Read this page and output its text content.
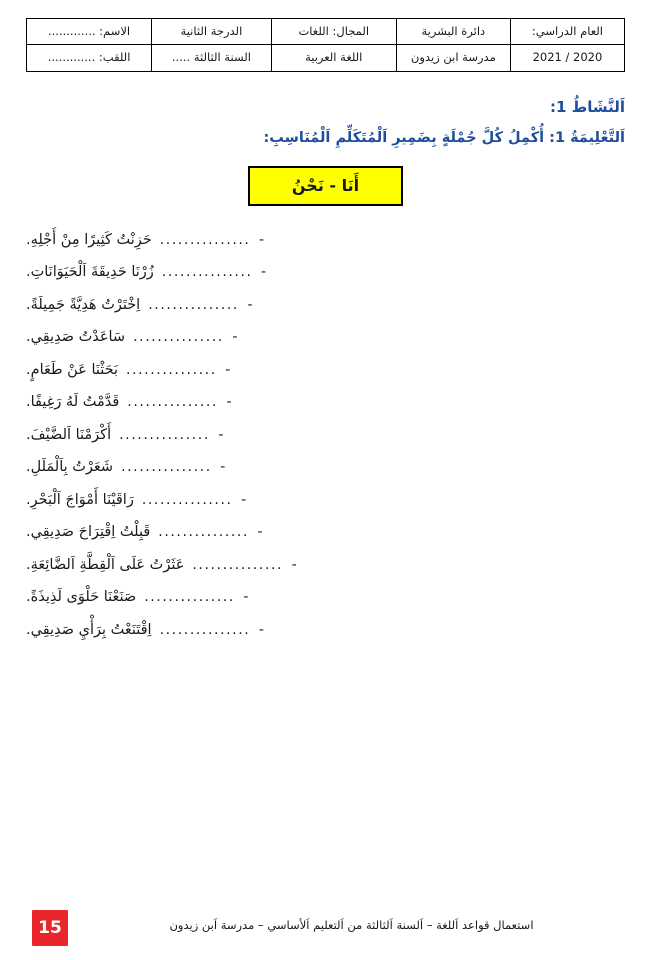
العام الدراسي:	دائرة البشرية	المجال: اللغات	الدرجة الثانية	الاسم: .............
2020 / 2021	مدرسة ابن زيدون	اللغة العربية	السنة الثالثة .....	اللقب: .............
اَلنَّشَاطُ 1:
اَلتَّعْلِيمَةُ 1: أُكْمِلُ كُلَّ جُمْلَةٍ بِضَمِيرِ اَلْمُتَكَلِّمِ اَلْمُنَاسِبِ:
أَنَا - نَحْنُ
-
...............
حَزِنْتُ كَثِيرًا مِنْ أَجْلِهِ.
-
...............
زُرْنَا حَدِيقَةَ اَلْحَيَوَانَاتِ.
-
...............
اِخْتَرْتُ هَدِيَّةً جَمِيلَةً.
-
...............
سَاعَدْتُ صَدِيقِي.
-
...............
بَحَثْنَا عَنْ طَعَامٍ.
-
...............
قَدَّمْتُ لَهُ رَغِيفًا.
-
...............
أَكْرَمْنَا اَلضَّيْفَ.
-
...............
شَعَرْتُ بِاَلْمَلَلِ.
-
...............
رَاقَيْنَا أَمْوَاجَ اَلْبَحْرِ.
-
...............
قَبِلْتُ اِقْتِرَاحَ صَدِيقِي.
-
...............
عَثَرْتُ عَلَى اَلْقِطَّةِ اَلضَّائِعَةِ.
-
...............
صَنَعْنَا حَلْوَى لَذِيذَةً.
-
...............
اِقْتَنَعْتُ بِرَأْيِ صَدِيقِي.
استعمال قواعد اَللغة – اَلسنة اَلثالثة من اَلتعليم اَلأساسي – مدرسة اَبن زيدون
15
